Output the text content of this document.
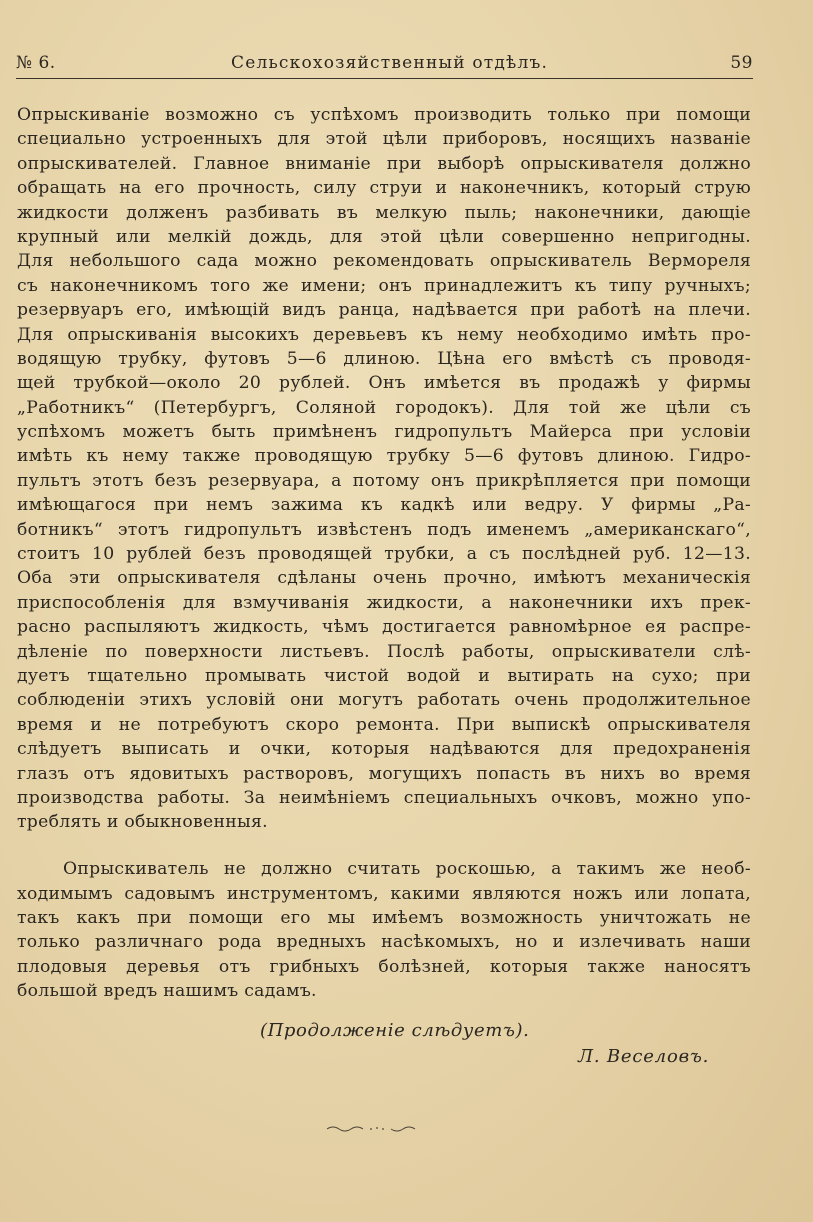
№ 6.	Сельскохозяйственный отдѣлъ.	59
Опрыскиваніе возможно съ успѣхомъ производить только при помощи
специально устроенныхъ для этой цѣли приборовъ, носящихъ названіе
опрыскивателей. Главное вниманіе при выборѣ опрыскивателя должно
обращать на его прочность, силу струи и наконечникъ, который струю
жидкости долженъ разбивать въ мелкую пыль; наконечники, дающіе
крупный или мелкій дождь, для этой цѣли совершенно непригодны.
Для небольшого сада можно рекомендовать опрыскиватель Вермореля
съ наконечникомъ того же имени; онъ принадлежитъ къ типу ручныхъ;
резервуаръ его, имѣющій видъ ранца, надѣвается при работѣ на плечи.
Для опрыскиванія высокихъ деревьевъ къ нему необходимо имѣть про-
водящую трубку, футовъ 5—6 длиною. Цѣна его вмѣстѣ съ проводя-
щей трубкой—около 20 рублей. Онъ имѣется въ продажѣ у фирмы
„Работникъ“ (Петербургъ, Соляной городокъ). Для той же цѣли съ
успѣхомъ можетъ быть примѣненъ гидропультъ Майерса при условіи
имѣть къ нему также проводящую трубку 5—6 футовъ длиною. Гидро-
пультъ этотъ безъ резервуара, а потому онъ прикрѣпляется при помощи
имѣющагося при немъ зажима къ кадкѣ или ведру. У фирмы „Ра-
ботникъ“ этотъ гидропультъ извѣстенъ подъ именемъ „американскаго“,
стоитъ 10 рублей безъ проводящей трубки, а съ послѣдней руб. 12—13.
Оба эти опрыскивателя сдѣланы очень прочно, имѣютъ механическія
приспособленія для взмучиванія жидкости, а наконечники ихъ прек-
расно распыляютъ жидкость, чѣмъ достигается равномѣрное ея распре-
дѣленіе по поверхности листьевъ. Послѣ работы, опрыскиватели слѣ-
дуетъ тщательно промывать чистой водой и вытирать на сухо; при
соблюденіи этихъ условій они могутъ работать очень продолжительное
время и не потребуютъ скоро ремонта. При выпискѣ опрыскивателя
слѣдуетъ выписать и очки, которыя надѣваются для предохраненія
глазъ отъ ядовитыхъ растворовъ, могущихъ попасть въ нихъ во время
производства работы. За неимѣніемъ специальныхъ очковъ, можно упо-
треблять и обыкновенныя.
Опрыскиватель не должно считать роскошью, а такимъ же необ-
ходимымъ садовымъ инструментомъ, какими являются ножъ или лопата,
такъ какъ при помощи его мы имѣемъ возможность уничтожать не
только различнаго рода вредныхъ насѣкомыхъ, но и излечивать наши
плодовыя деревья отъ грибныхъ болѣзней, которыя также наносятъ
большой вредъ нашимъ садамъ.
(Продолженіе слѣдуетъ).
Л. Веселовъ.
